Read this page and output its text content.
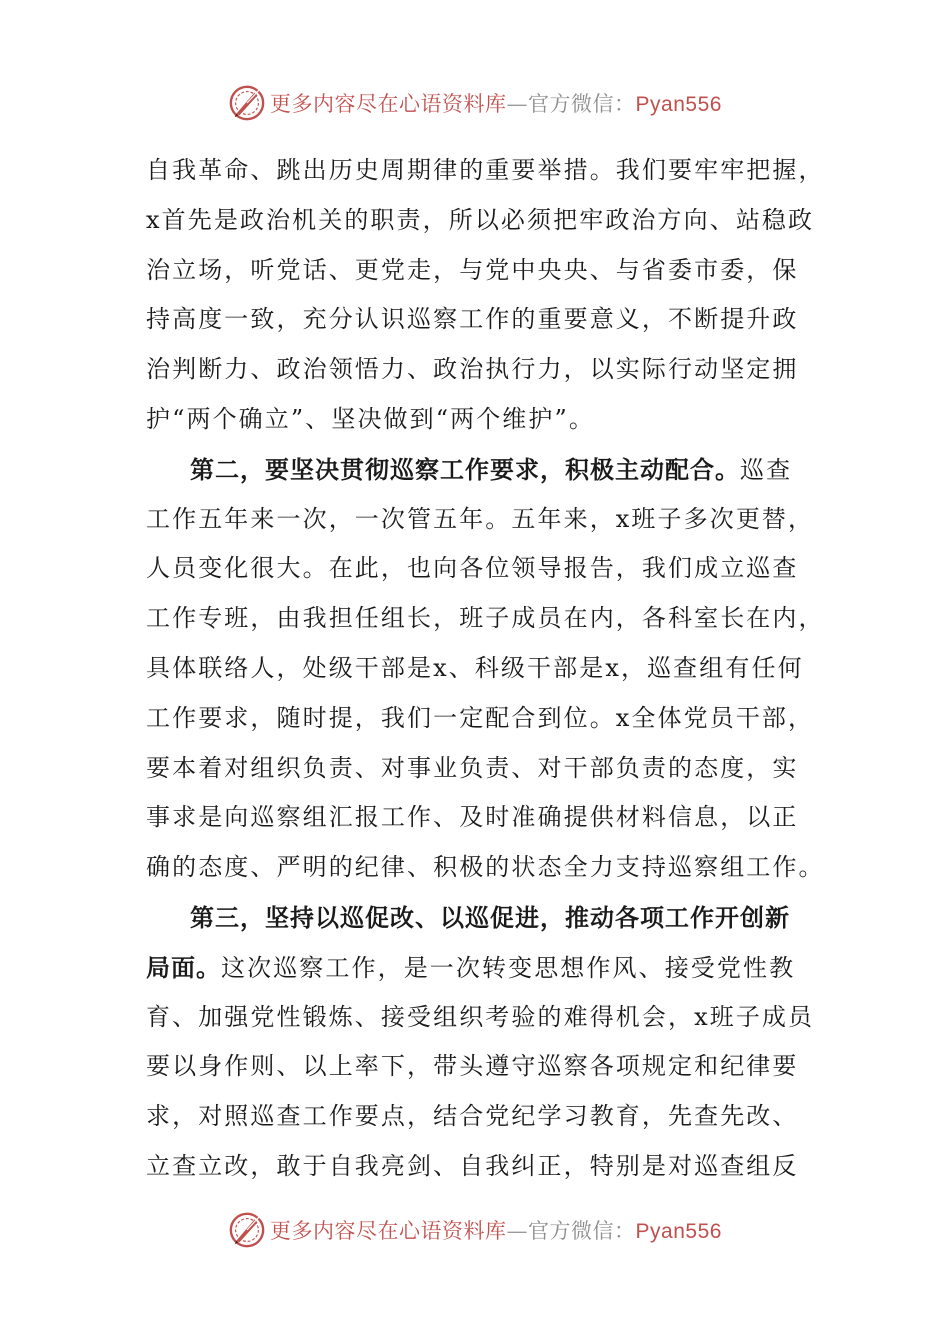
更多内容尽在心语资料库—官方微信：Pyan556
自我革命、跳出历史周期律的重要举措。我们要牢牢把握，
x首先是政治机关的职责，所以必须把牢政治方向、站稳政
治立场，听党话、更党走，与党中央央、与省委市委，保
持高度一致，充分认识巡察工作的重要意义，不断提升政
治判断力、政治领悟力、政治执行力，以实际行动坚定拥
护“两个确立”、坚决做到“两个维护”。
第二，要坚决贯彻巡察工作要求，积极主动配合。巡查
工作五年来一次，一次管五年。五年来，x班子多次更替，
人员变化很大。在此，也向各位领导报告，我们成立巡查
工作专班，由我担任组长，班子成员在内，各科室长在内，
具体联络人，处级干部是x、科级干部是x，巡查组有任何
工作要求，随时提，我们一定配合到位。x全体党员干部，
要本着对组织负责、对事业负责、对干部负责的态度，实
事求是向巡察组汇报工作、及时准确提供材料信息，以正
确的态度、严明的纪律、积极的状态全力支持巡察组工作。
第三，坚持以巡促改、以巡促进，推动各项工作开创新
局面。这次巡察工作，是一次转变思想作风、接受党性教
育、加强党性锻炼、接受组织考验的难得机会，x班子成员
要以身作则、以上率下，带头遵守巡察各项规定和纪律要
求，对照巡查工作要点，结合党纪学习教育，先查先改、
立查立改，敢于自我亮剑、自我纠正，特别是对巡查组反
更多内容尽在心语资料库—官方微信：Pyan556
